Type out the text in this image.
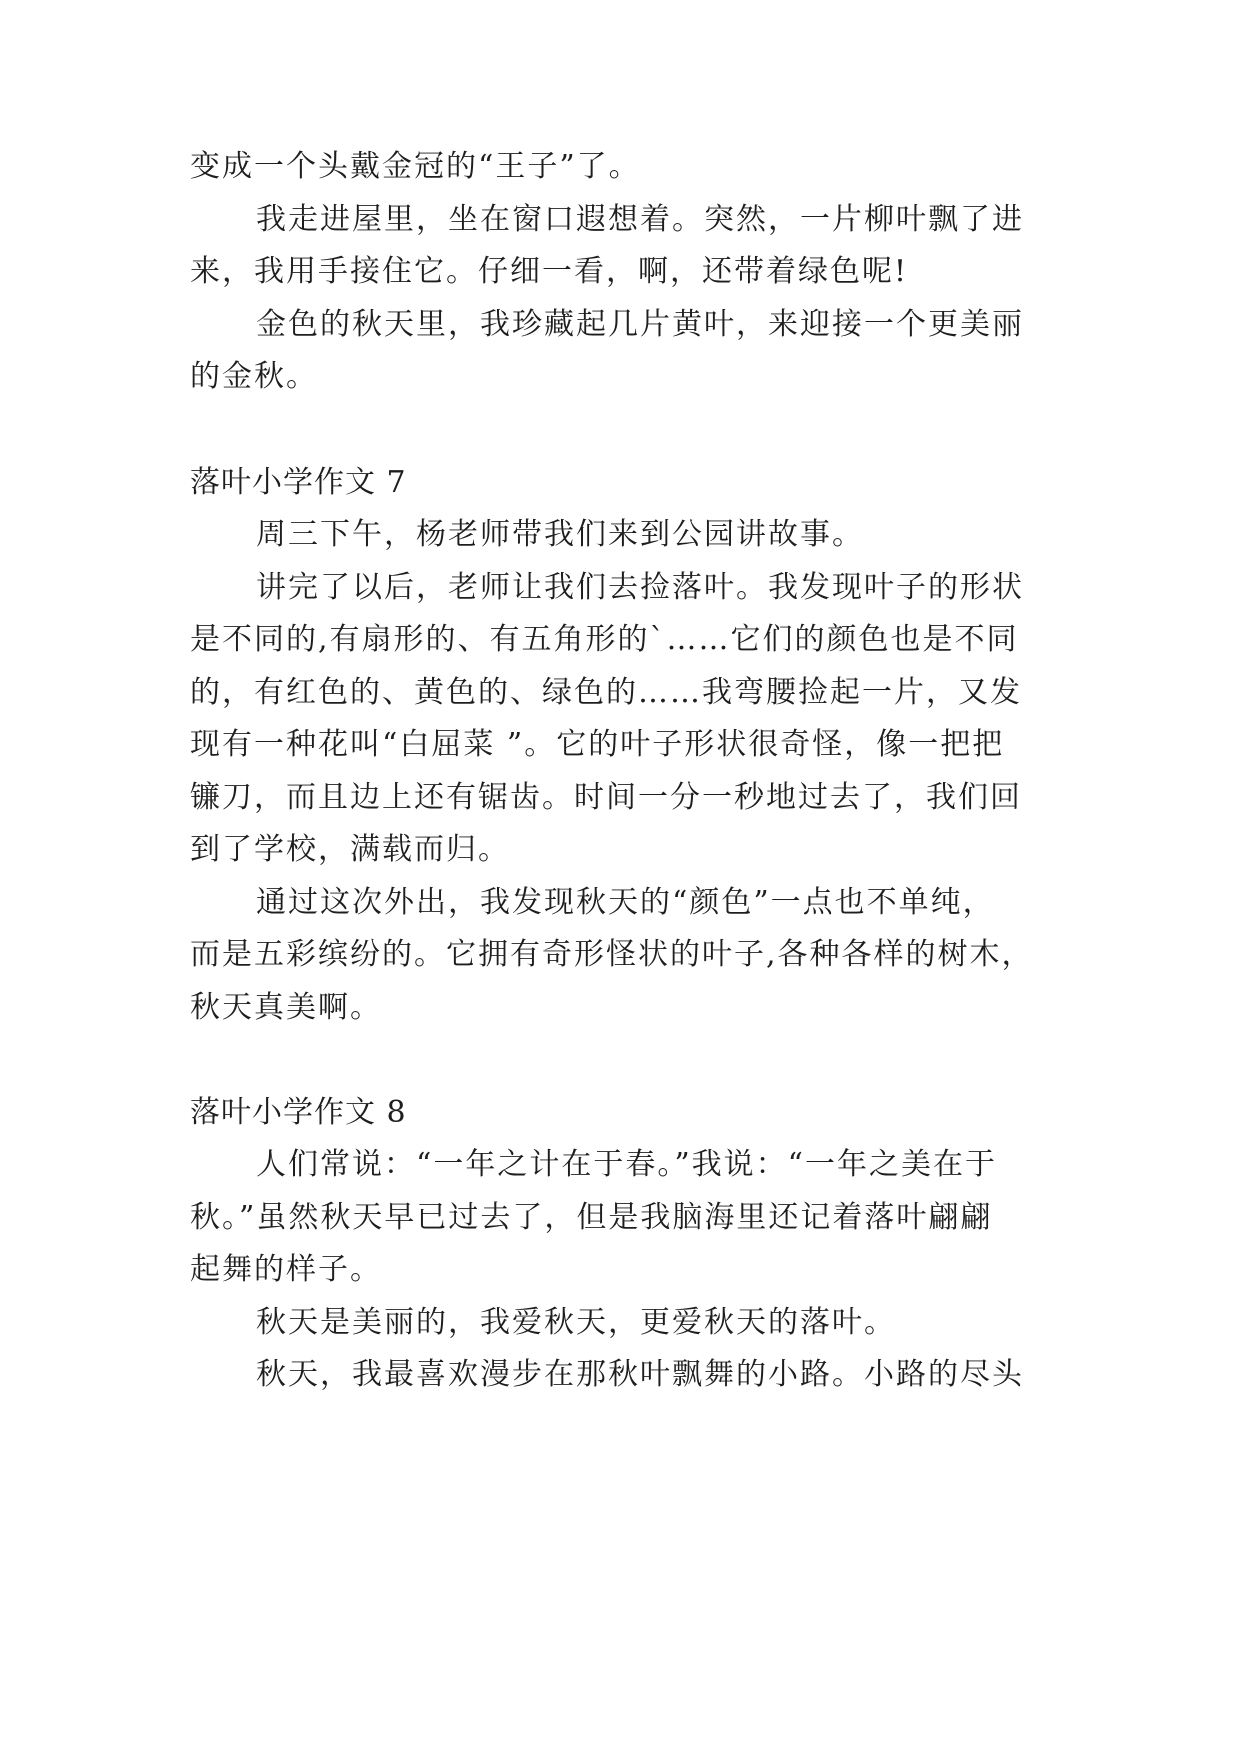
变成一个头戴金冠的“王子”了。
我走进屋里，坐在窗口遐想着。突然，一片柳叶飘了进
来，我用手接住它。仔细一看，啊，还带着绿色呢!
金色的秋天里，我珍藏起几片黄叶，来迎接一个更美丽
的金秋。
落叶小学作文 7
周三下午，杨老师带我们来到公园讲故事。
讲完了以后，老师让我们去捡落叶。我发现叶子的形状
是不同的,有扇形的、有五角形的`……它们的颜色也是不同
的，有红色的、黄色的、绿色的……我弯腰捡起一片，又发
现有一种花叫“白屈菜 ”。它的叶子形状很奇怪，像一把把
镰刀，而且边上还有锯齿。时间一分一秒地过去了，我们回
到了学校，满载而归。
通过这次外出，我发现秋天的“颜色”一点也不单纯，
而是五彩缤纷的。它拥有奇形怪状的叶子,各种各样的树木，
秋天真美啊。
落叶小学作文 8
人们常说：“一年之计在于春。”我说：“一年之美在于
秋。”虽然秋天早已过去了，但是我脑海里还记着落叶翩翩
起舞的样子。
秋天是美丽的，我爱秋天，更爱秋天的落叶。
秋天，我最喜欢漫步在那秋叶飘舞的小路。小路的尽头
